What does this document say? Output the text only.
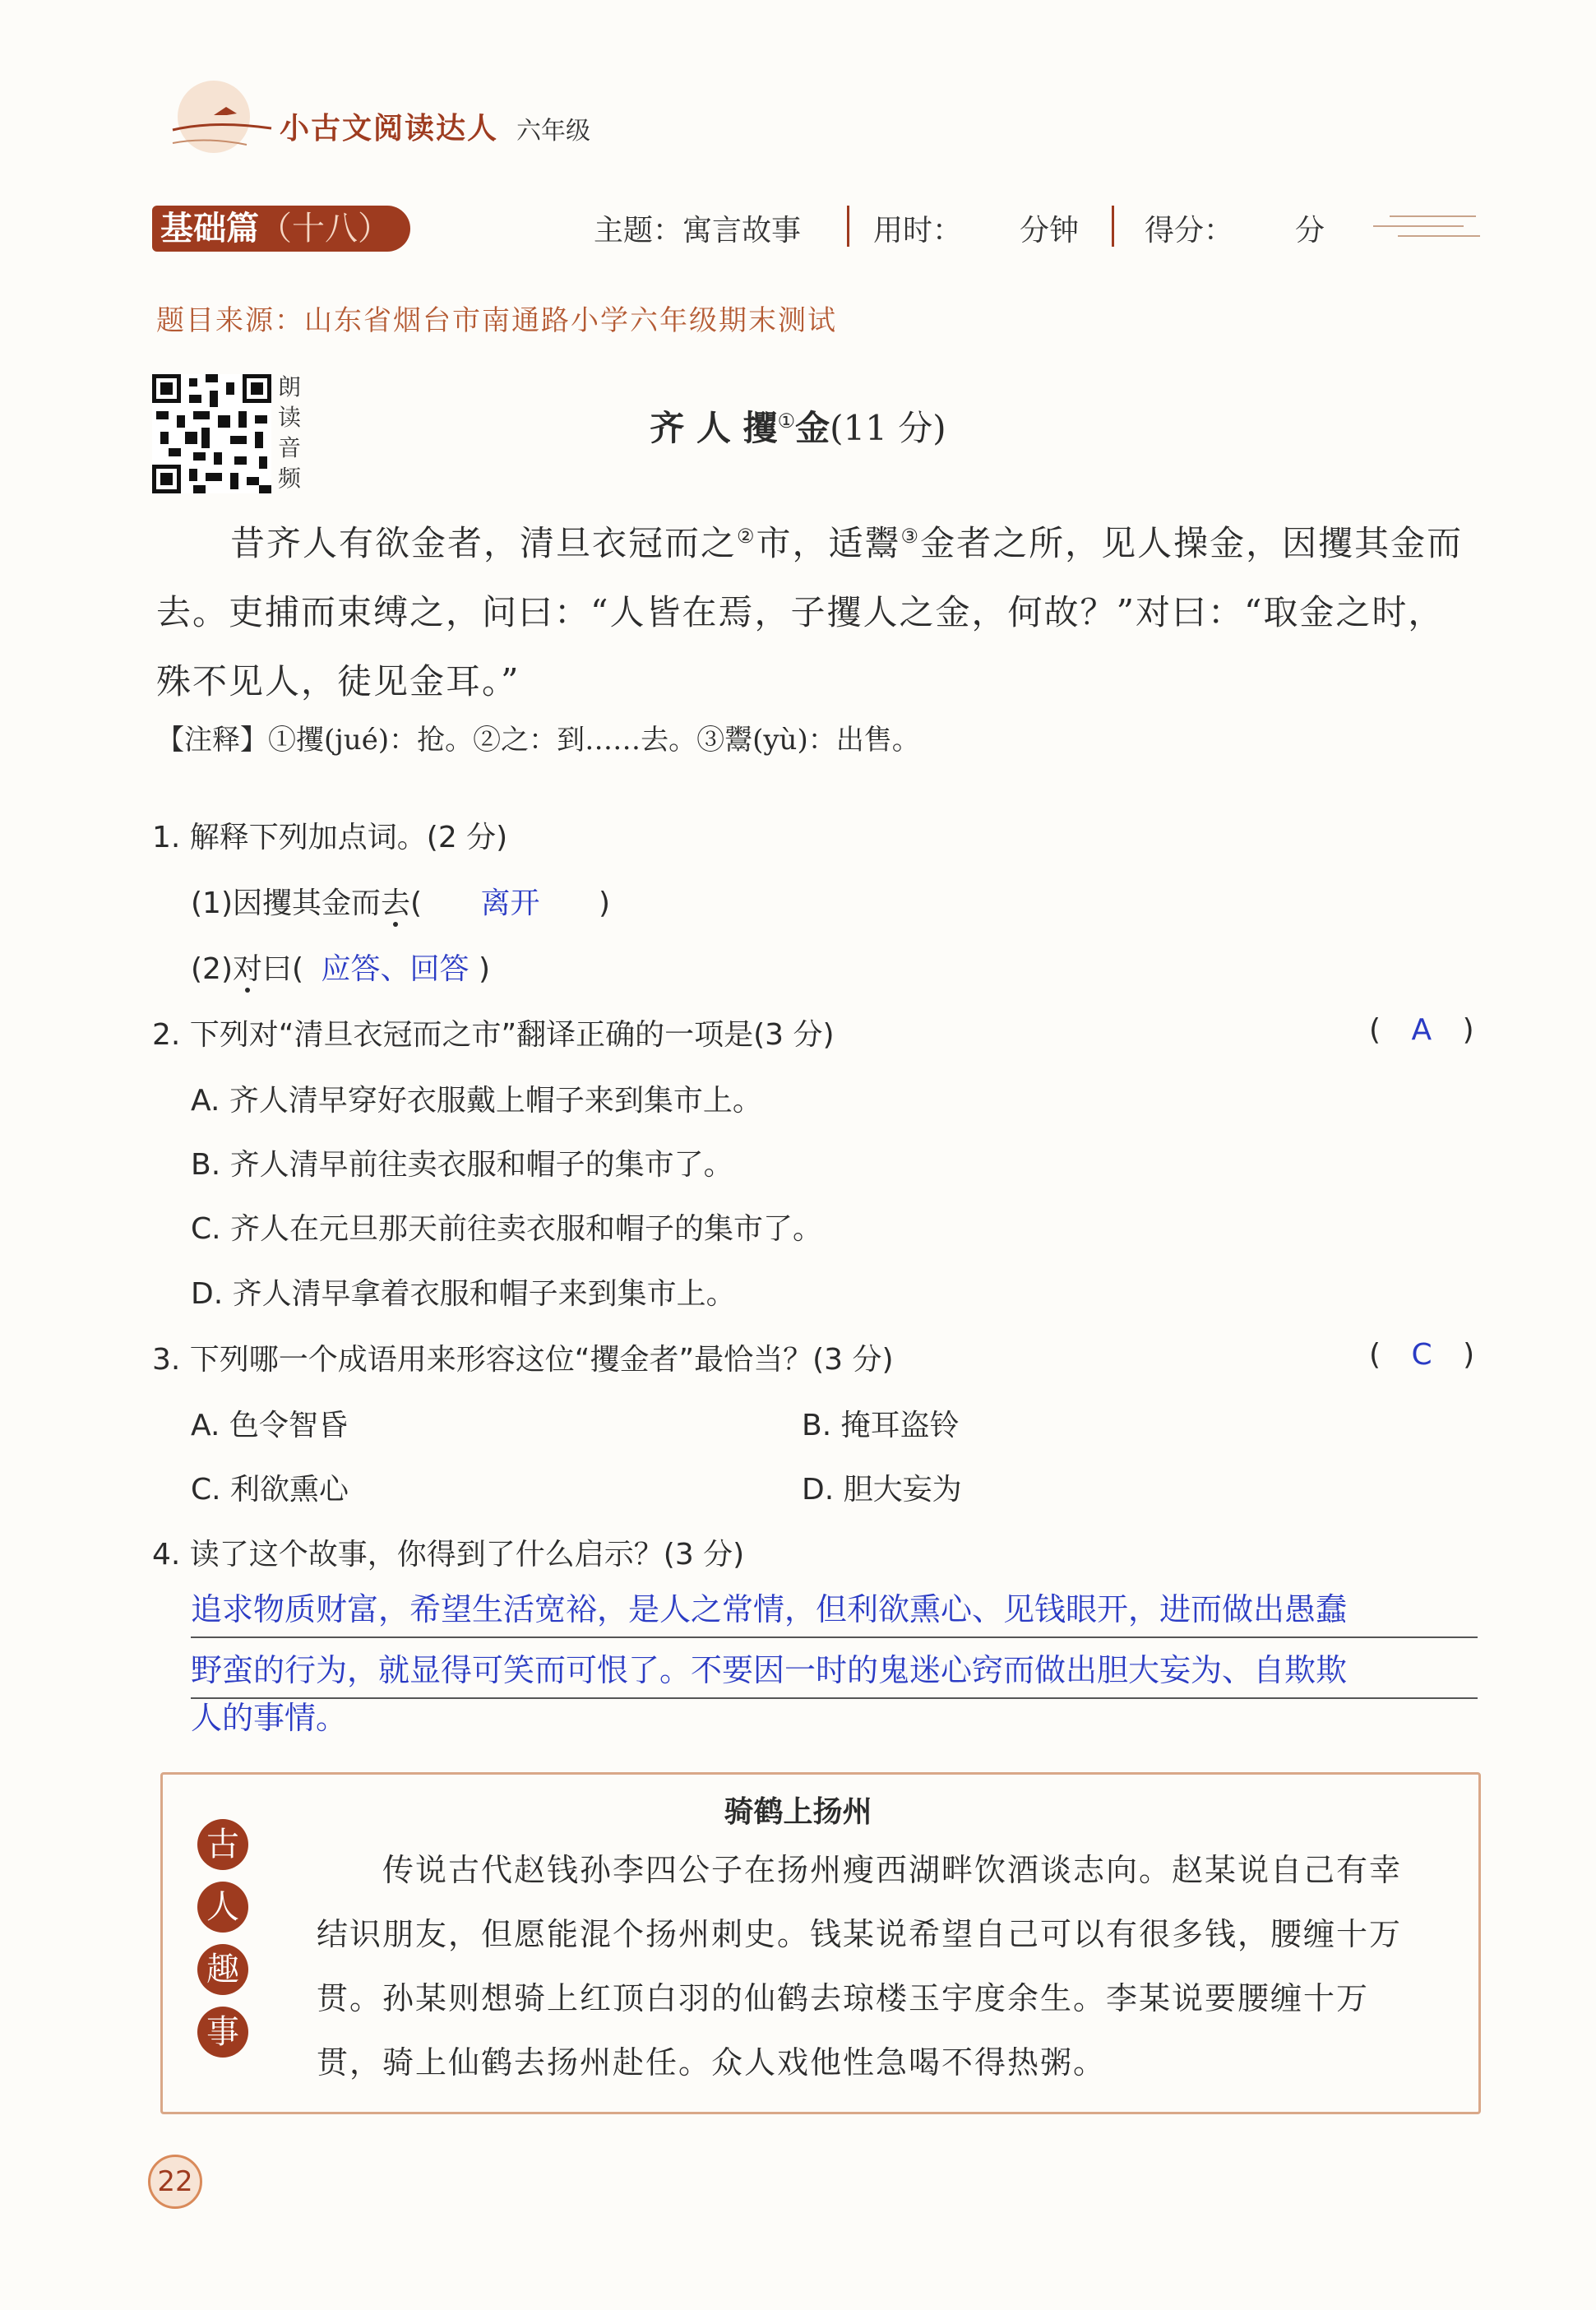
小古文阅读达人 六年级
基础篇（十八）	主题：寓言故事 用时： 分钟 得分： 分
题目来源：山东省烟台市南通路小学六年级期末测试
朗
读
音
频
齐 人 攫①金(11 分)
昔齐人有欲金者，清旦衣冠而之②市，适鬻③金者之所，见人操金，因攫其金而去。吏捕而束缚之，问曰：“人皆在焉，子攫人之金，何故？”对曰：“取金之时，殊不见人，徒见金耳。”
【注释】①攫(jué)：抢。②之：到……去。③鬻(yù)：出售。
1. 解释下列加点词。(2 分)
(1)因攫其金而去( 离开 )
(2)对曰( 应答、回答 )
2. 下列对“清旦衣冠而之市”翻译正确的一项是(3 分)	( A )
A. 齐人清早穿好衣服戴上帽子来到集市上。
B. 齐人清早前往卖衣服和帽子的集市了。
C. 齐人在元旦那天前往卖衣服和帽子的集市了。
D. 齐人清早拿着衣服和帽子来到集市上。
3. 下列哪一个成语用来形容这位“攫金者”最恰当？(3 分)	( C )
A. 色令智昏	B. 掩耳盗铃
C. 利欲熏心	D. 胆大妄为
4. 读了这个故事，你得到了什么启示？(3 分)
追求物质财富，希望生活宽裕，是人之常情，但利欲熏心、见钱眼开，进而做出愚蠢
野蛮的行为，就显得可笑而可恨了。不要因一时的鬼迷心窍而做出胆大妄为、自欺欺
人的事情。
骑鹤上扬州
古
人
趣
事
传说古代赵钱孙李四公子在扬州瘦西湖畔饮酒谈志向。赵某说自己有幸结识朋友，但愿能混个扬州刺史。钱某说希望自己可以有很多钱，腰缠十万贯。孙某则想骑上红顶白羽的仙鹤去琼楼玉宇度余生。李某说要腰缠十万贯，骑上仙鹤去扬州赴任。众人戏他性急喝不得热粥。
22
